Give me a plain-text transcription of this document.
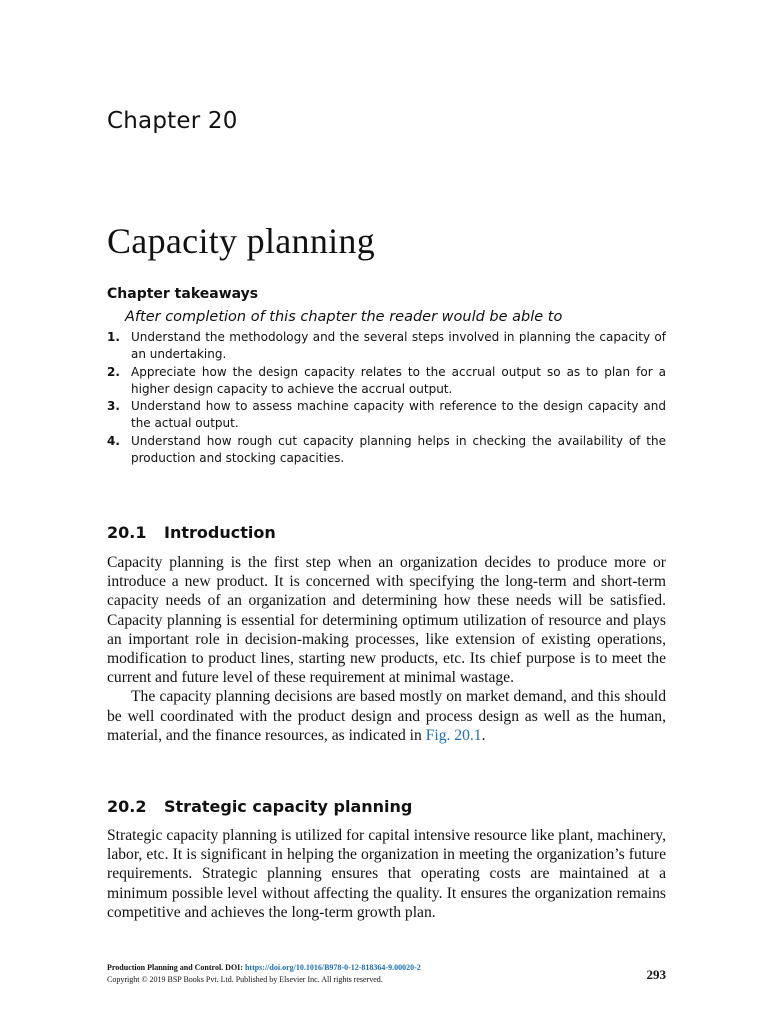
Chapter 20
Capacity planning
Chapter takeaways
After completion of this chapter the reader would be able to
1. Understand the methodology and the several steps involved in planning the capacity of an undertaking.
2. Appreciate how the design capacity relates to the accrual output so as to plan for a higher design capacity to achieve the accrual output.
3. Understand how to assess machine capacity with reference to the design capacity and the actual output.
4. Understand how rough cut capacity planning helps in checking the availability of the production and stocking capacities.
20.1 Introduction

Capacity planning is the first step when an organization decides to produce more or introduce a new product. It is concerned with specifying the long-term and short-term capacity needs of an organization and determining how these needs will be satisfied. Capacity planning is essential for determining optimum utilization of resource and plays an important role in decision-making processes, like extension of existing operations, modification to product lines, starting new products, etc. Its chief purpose is to meet the current and future level of these requirement at minimal wastage.

The capacity planning decisions are based mostly on market demand, and this should be well coordinated with the product design and process design as well as the human, material, and the finance resources, as indicated in Fig. 20.1.

20.2 Strategic capacity planning

Strategic capacity planning is utilized for capital intensive resource like plant, machinery, labor, etc. It is significant in helping the organization in meeting the organization’s future requirements. Strategic planning ensures that operating costs are maintained at a minimum possible level without affecting the quality. It ensures the organization remains competitive and achieves the long-term growth plan.

Production Planning and Control. DOI: https://doi.org/10.1016/B978-0-12-818364-9.00020-2
Copyright © 2019 BSP Books Pvt. Ltd. Published by Elsevier Inc. All rights reserved.	293
